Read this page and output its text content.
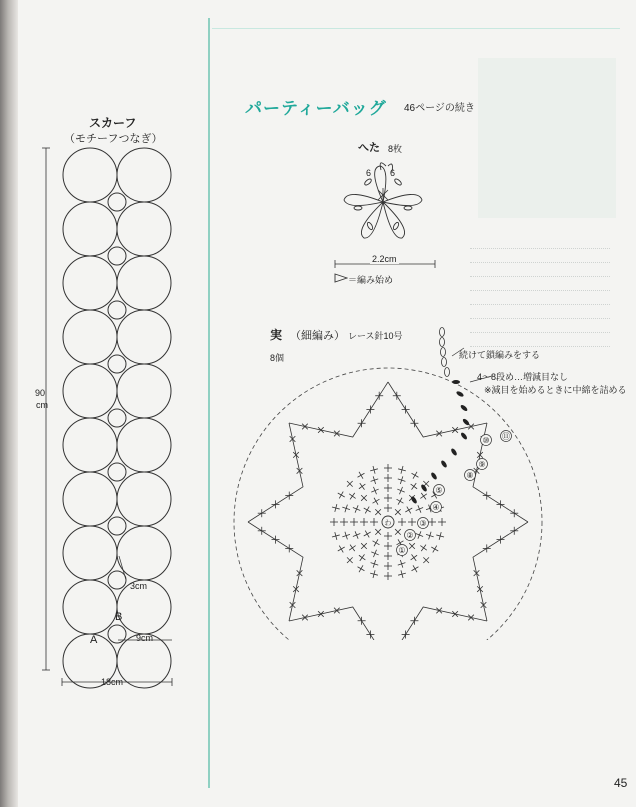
スカーフ
（モチーフつなぎ）
90
cm
18cm
A
B
3cm
9cm
パーティーバッグ 46ページの続き
へた 8枚
6 6
2.2cm
＝編み始め
実 （細編み） レース針10号
8個	続けて鎖編みをする
4〜8段め…増減目なし
※減目を始めるときに中綿を詰める
わ
①
②
③
④
⑤
⑧
⑨
⑩ ⑪
45
